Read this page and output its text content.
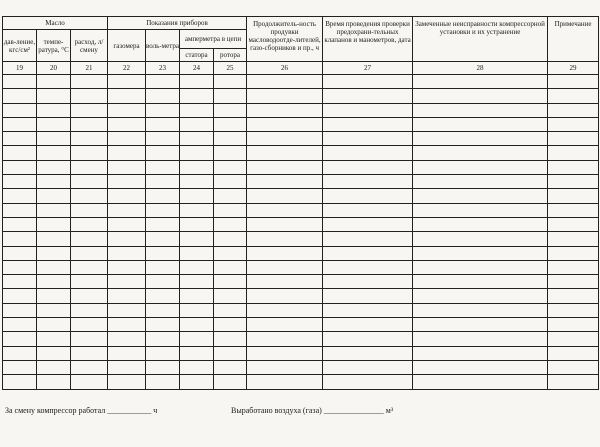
Масло			Показания приборов				Продолжитель-ность продувки масловодоотде-лителей, газо-сборников и пр., ч	Время проведения проверки предохрани-тельных клапанов и манометров, дата	Замеченные неисправности компрессорной установки и их устранение	Примечание
дав-ление, кгс/см²	темпе-ратура, °С	расход, л/смену	газомера	воль-метра	амперметра в цепи					
					статора	ротора				
19	20	21	22	23	24	25	26	27	28	29

За смену компрессор работал ___________ ч	Выработано воздуха (газа) _______________ м³
